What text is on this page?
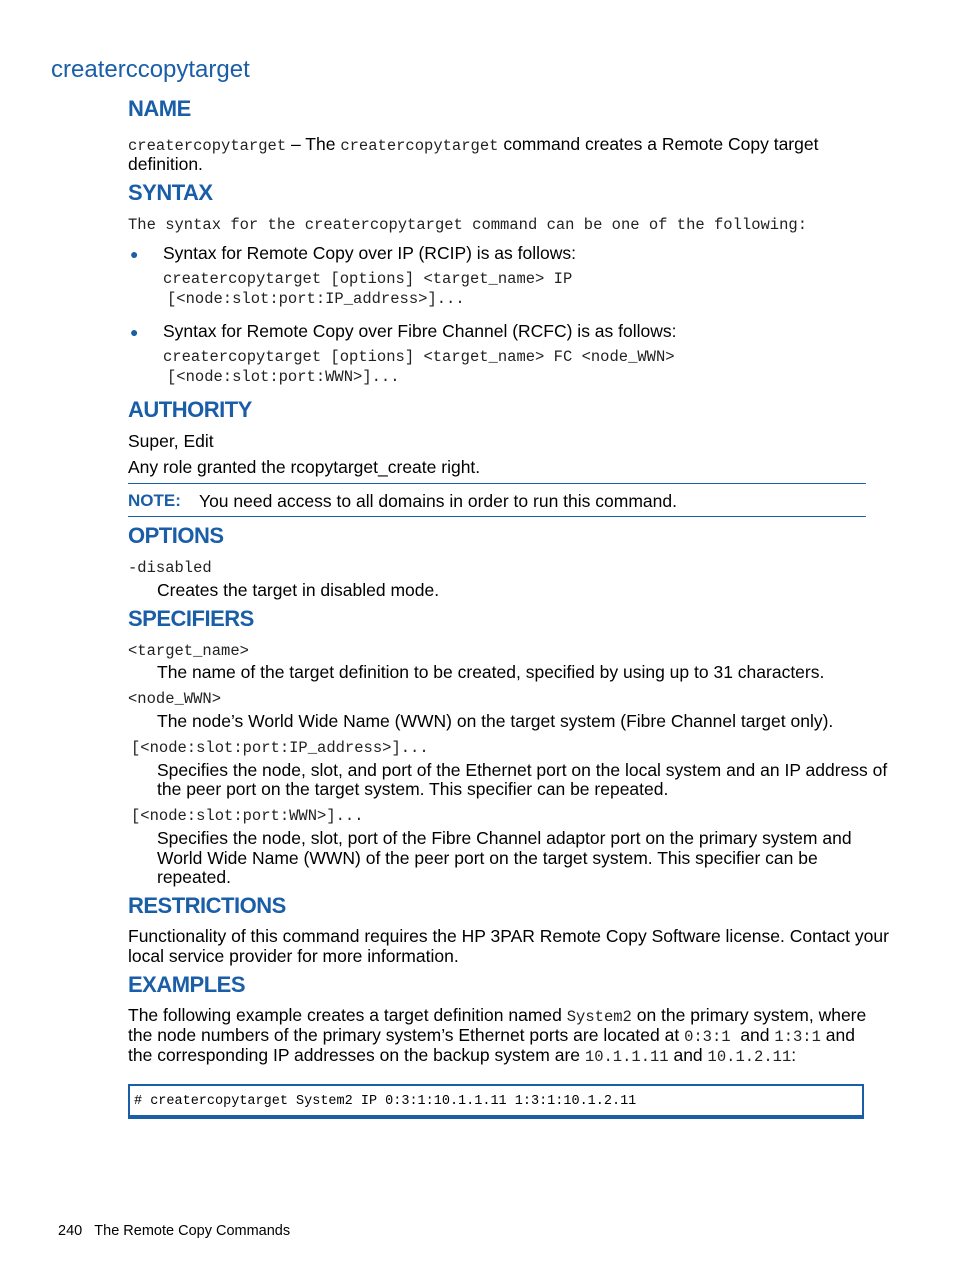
createrccopytarget
NAME
creatercopytarget – The creatercopytarget command creates a Remote Copy target
definition.
SYNTAX
The syntax for the creatercopytarget command can be one of the following:
● Syntax for Remote Copy over IP (RCIP) is as follows:
creatercopytarget [options] <target_name> IP
[<node:slot:port:IP_address>]...
● Syntax for Remote Copy over Fibre Channel (RCFC) is as follows:
creatercopytarget [options] <target_name> FC <node_WWN>
[<node:slot:port:WWN>]...
AUTHORITY
Super, Edit
Any role granted the rcopytarget_create right.
NOTE: You need access to all domains in order to run this command.
OPTIONS
-disabled
Creates the target in disabled mode.
SPECIFIERS
<target_name>
The name of the target definition to be created, specified by using up to 31 characters.
<node_WWN>
The node’s World Wide Name (WWN) on the target system (Fibre Channel target only).
[<node:slot:port:IP_address>]...
Specifies the node, slot, and port of the Ethernet port on the local system and an IP address of
the peer port on the target system. This specifier can be repeated.
[<node:slot:port:WWN>]...
Specifies the node, slot, port of the Fibre Channel adaptor port on the primary system and
World Wide Name (WWN) of the peer port on the target system. This specifier can be
repeated.
RESTRICTIONS
Functionality of this command requires the HP 3PAR Remote Copy Software license. Contact your
local service provider for more information.
EXAMPLES
The following example creates a target definition named System2 on the primary system, where
the node numbers of the primary system’s Ethernet ports are located at 0:3:1  and 1:3:1 and
the corresponding IP addresses on the backup system are 10.1.1.11 and 10.1.2.11:
# creatercopytarget System2 IP 0:3:1:10.1.1.11 1:3:1:10.1.2.11
240 The Remote Copy Commands
